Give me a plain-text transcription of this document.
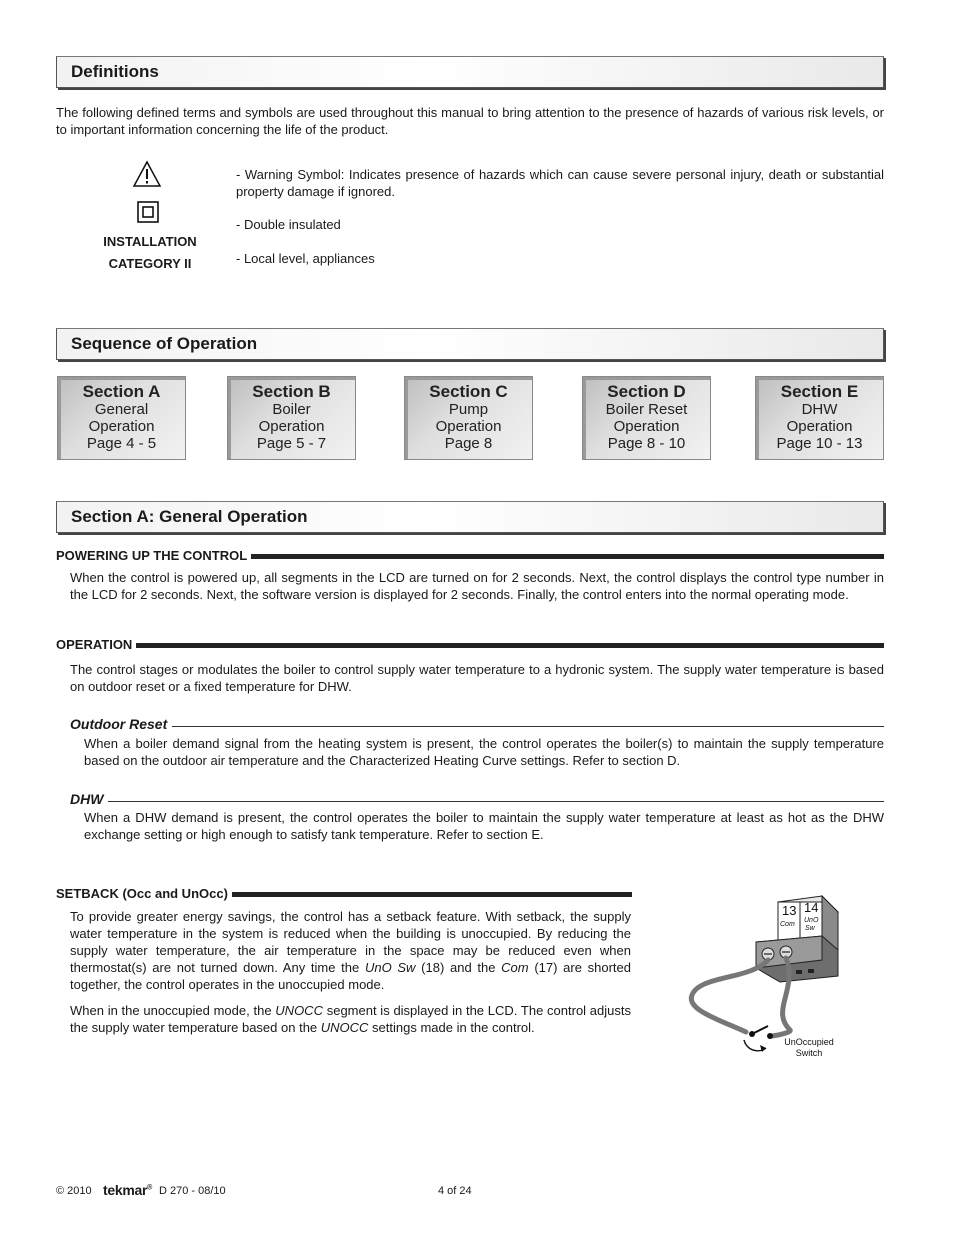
Definitions
The following defined terms and symbols are used throughout this manual to bring attention to the presence of hazards of various risk levels, or to important information concerning the life of the product.
INSTALLATION
CATEGORY II
- Warning Symbol: Indicates presence of hazards which can cause severe personal injury, death or substantial property damage if ignored.
- Double insulated
- Local level, appliances
Sequence of Operation
Section A
General
Operation
Page 4 - 5
Section B
Boiler
Operation
Page 5 - 7
Section C
Pump
Operation
Page 8
Section D
Boiler Reset
Operation
Page 8 - 10
Section E
DHW
Operation
Page 10 - 13
Section A: General Operation
POWERING UP THE CONTROL
When the control is powered up, all segments in the LCD are turned on for 2 seconds. Next, the control displays the control type number in the LCD for 2 seconds. Next, the software version is displayed for 2 seconds. Finally, the control enters into the normal operating mode.
OPERATION
The control stages or modulates the boiler to control supply water temperature to a hydronic system. The supply water temperature is based on outdoor reset or a fixed temperature for DHW.
Outdoor Reset
When a boiler demand signal from the heating system is present, the control operates the boiler(s) to maintain the supply temperature based on the outdoor air temperature and the Characterized Heating Curve settings. Refer to section D.
DHW
When a DHW demand is present, the control operates the boiler to maintain the supply water temperature at least as hot as the DHW exchange setting or high enough to satisfy tank temperature. Refer to section E.
SETBACK (Occ and UnOcc)
To provide greater energy savings, the control has a setback feature. With setback, the supply water temperature in the system is reduced when the building is unoccupied. By reducing the supply water temperature, the air temperature in the space may be reduced even when thermostat(s) are not turned down. Any time the UnO Sw (18) and the Com (17) are shorted together, the control operates in the unoccupied mode.
When in the unoccupied mode, the UNOCC segment is displayed in the LCD. The control adjusts the supply water temperature based on the UNOCC settings made in the control.
13 14
Com
UnO
Sw
UnOccupied
Switch
© 2010 tekmar® D 270 - 08/10	4 of 24
